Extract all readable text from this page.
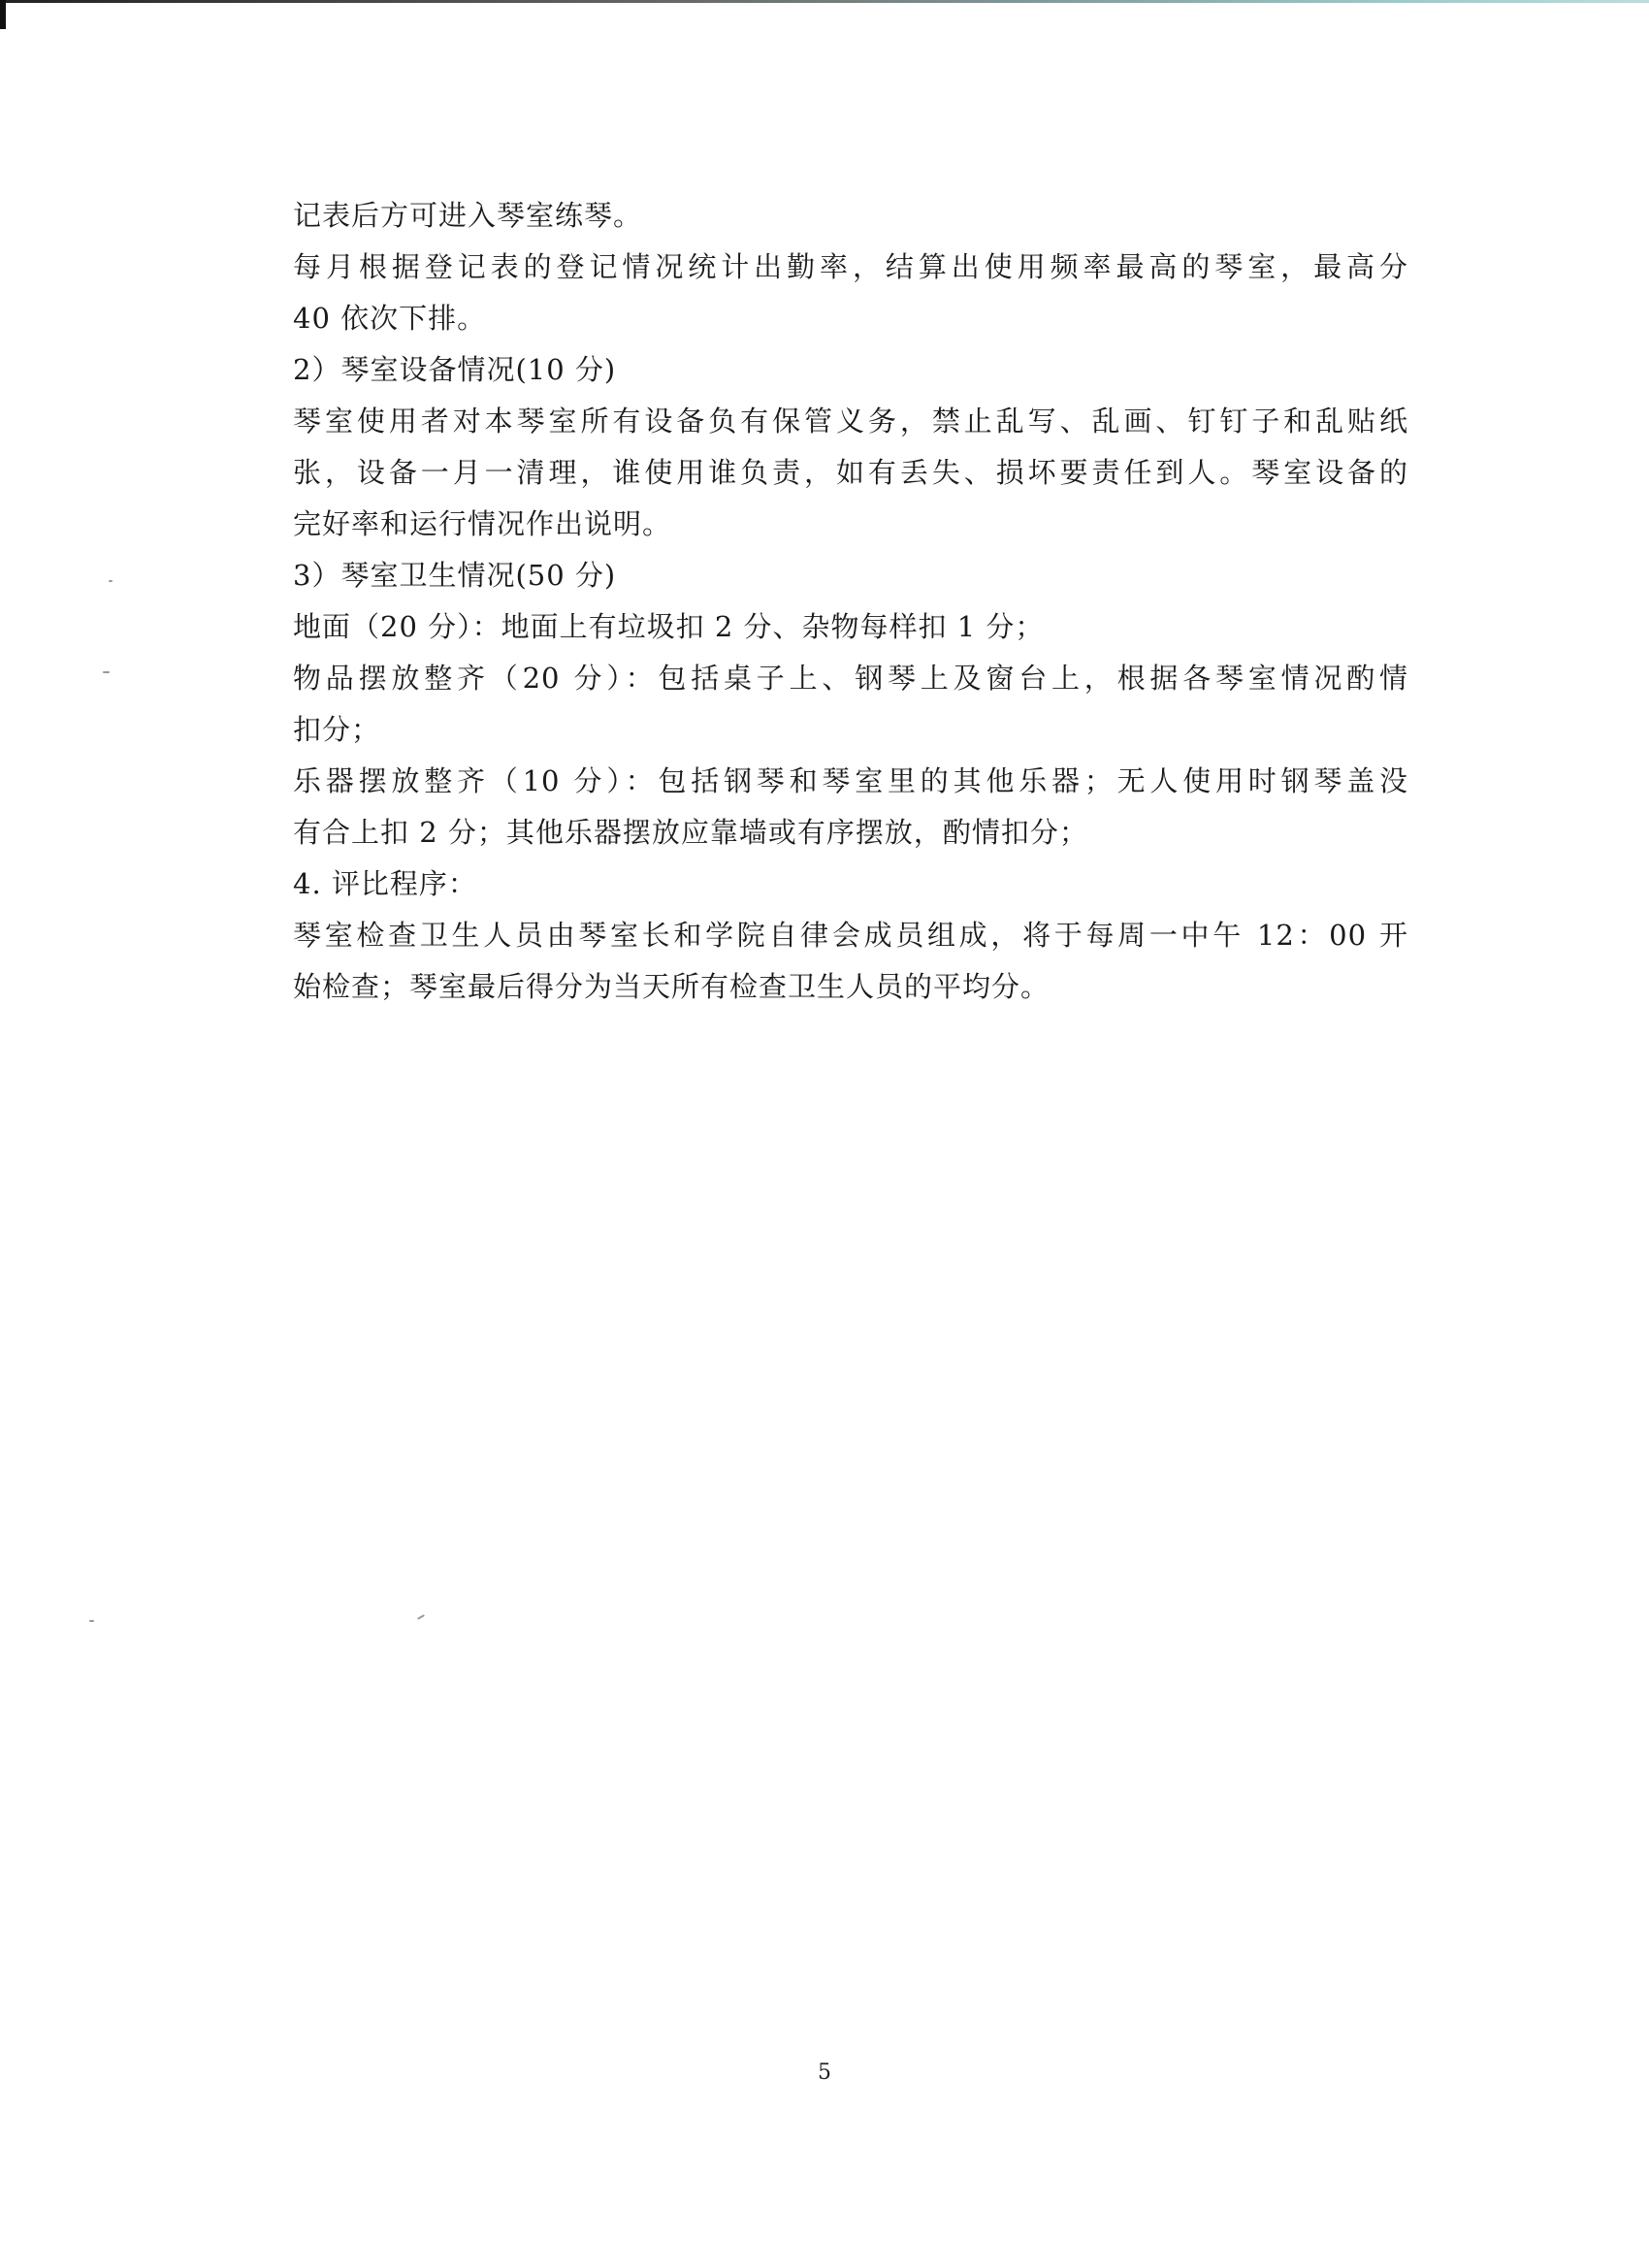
记表后方可进入琴室练琴。
每月根据登记表的登记情况统计出勤率，结算出使用频率最高的琴室，最高分
40 依次下排。
2）琴室设备情况(10 分)
琴室使用者对本琴室所有设备负有保管义务，禁止乱写、乱画、钉钉子和乱贴纸
张，设备一月一清理，谁使用谁负责，如有丢失、损坏要责任到人。琴室设备的
完好率和运行情况作出说明。
3）琴室卫生情况(50 分)
地面（20 分）：地面上有垃圾扣 2 分、杂物每样扣 1 分；
物品摆放整齐（20 分）：包括桌子上、钢琴上及窗台上，根据各琴室情况酌情
扣分；
乐器摆放整齐（10 分）：包括钢琴和琴室里的其他乐器；无人使用时钢琴盖没
有合上扣 2 分；其他乐器摆放应靠墙或有序摆放，酌情扣分；
4. 评比程序：
琴室检查卫生人员由琴室长和学院自律会成员组成，将于每周一中午 12：00 开
始检查；琴室最后得分为当天所有检查卫生人员的平均分。
5
